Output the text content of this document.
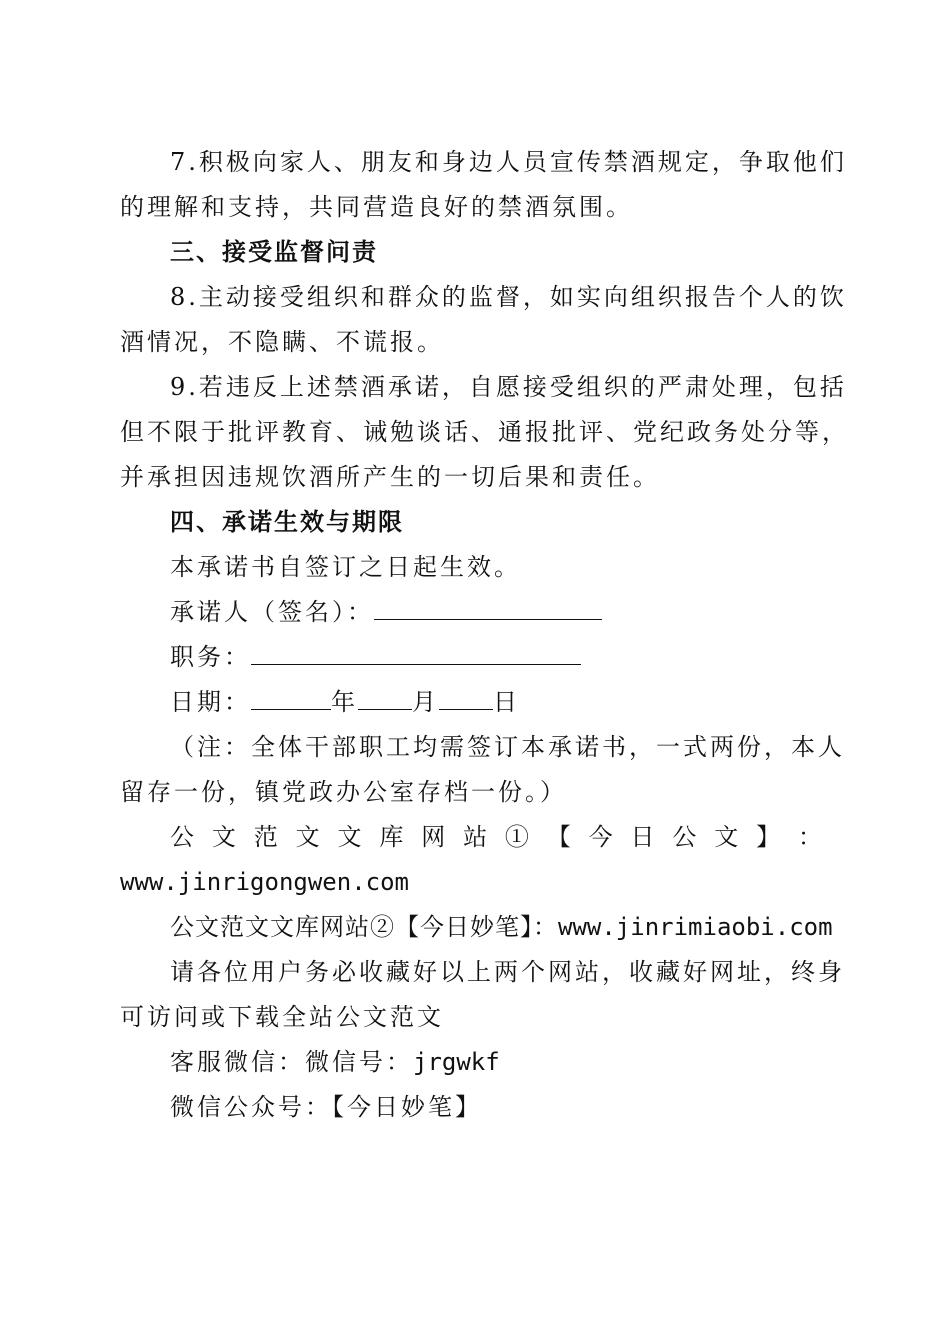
7.积极向家人、朋友和身边人员宣传禁酒规定，争取他们
的理解和支持，共同营造良好的禁酒氛围。
三、接受监督问责
8.主动接受组织和群众的监督，如实向组织报告个人的饮
酒情况，不隐瞒、不谎报。
9.若违反上述禁酒承诺，自愿接受组织的严肃处理，包括
但不限于批评教育、诫勉谈话、通报批评、党纪政务处分等，
并承担因违规饮酒所产生的一切后果和责任。
四、承诺生效与期限
本承诺书自签订之日起生效。
承诺人（签名）：
职务：
日期：	年 月 日
（注：全体干部职工均需签订本承诺书，一式两份，本人
留存一份，镇党政办公室存档一份。）
公 文 范 文 文 库 网 站 ① 【 今 日 公 文 】 ：
www.jinrigongwen.com
公文范文文库网站②【今日妙笔】：www.jinrimiaobi.com
请各位用户务必收藏好以上两个网站，收藏好网址，终身
可访问或下载全站公文范文
客服微信：微信号：jrgwkf
微信公众号：【今日妙笔】
